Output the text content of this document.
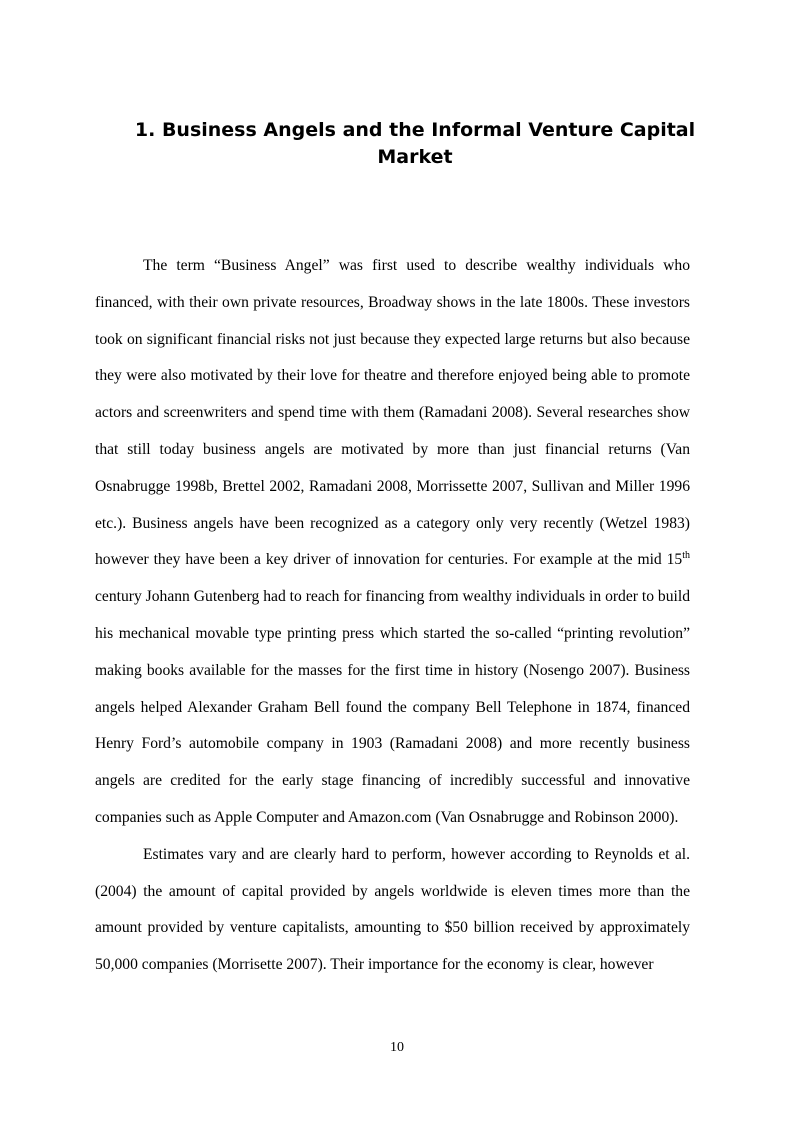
1. Business Angels and the Informal Venture Capital Market

The term “Business Angel” was first used to describe wealthy individuals who financed, with their own private resources, Broadway shows in the late 1800s. These investors took on significant financial risks not just because they expected large returns but also because they were also motivated by their love for theatre and therefore enjoyed being able to promote actors and screenwriters and spend time with them (Ramadani 2008). Several researches show that still today business angels are motivated by more than just financial returns (Van Osnabrugge 1998b, Brettel 2002, Ramadani 2008, Morrissette 2007, Sullivan and Miller 1996 etc.). Business angels have been recognized as a category only very recently (Wetzel 1983) however they have been a key driver of innovation for centuries. For example at the mid 15th century Johann Gutenberg had to reach for financing from wealthy individuals in order to build his mechanical movable type printing press which started the so-called “printing revolution” making books available for the masses for the first time in history (Nosengo 2007). Business angels helped Alexander Graham Bell found the company Bell Telephone in 1874, financed Henry Ford’s automobile company in 1903 (Ramadani 2008) and more recently business angels are credited for the early stage financing of incredibly successful and innovative companies such as Apple Computer and Amazon.com (Van Osnabrugge and Robinson 2000).

Estimates vary and are clearly hard to perform, however according to Reynolds et al. (2004) the amount of capital provided by angels worldwide is eleven times more than the amount provided by venture capitalists, amounting to $50 billion received by approximately 50,000 companies (Morrisette 2007). Their importance for the economy is clear, however

10
